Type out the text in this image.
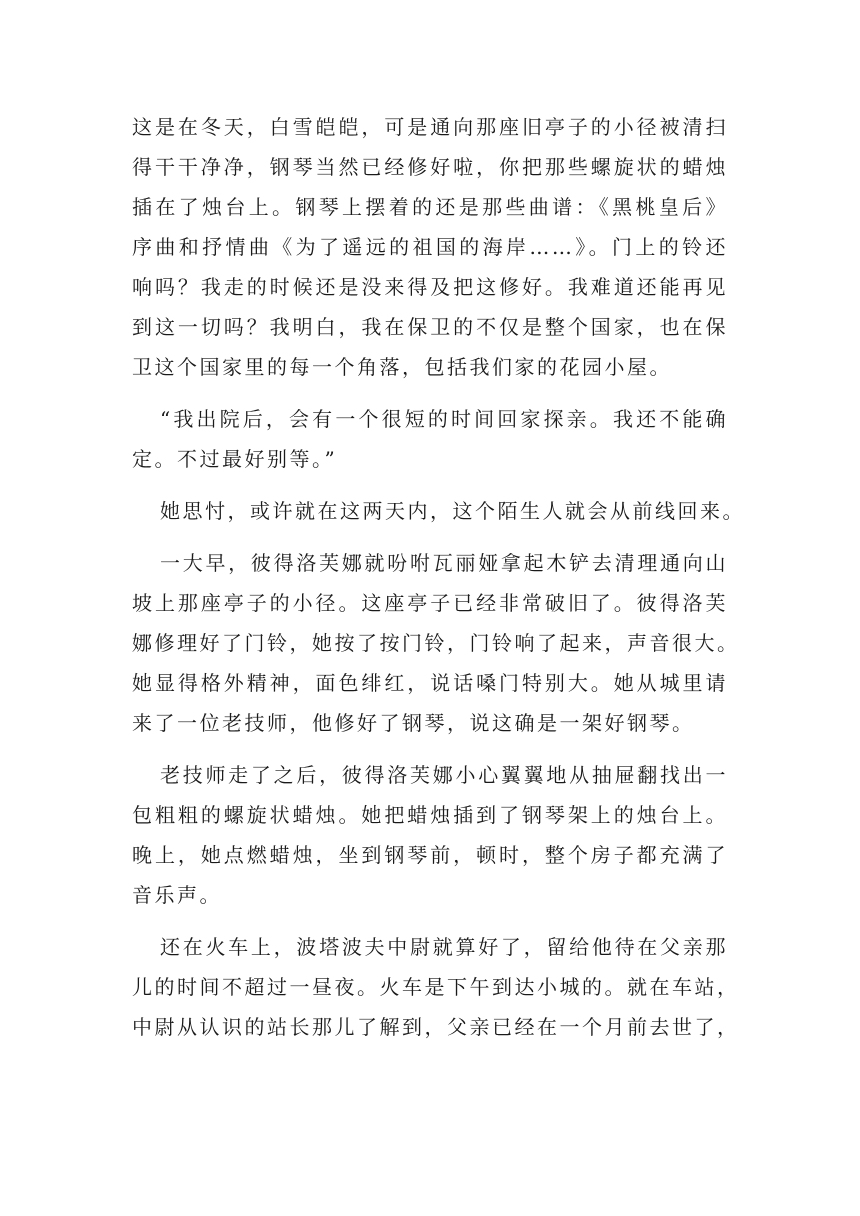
这是在冬天，白雪皑皑，可是通向那座旧亭子的小径被清扫
得干干净净，钢琴当然已经修好啦，你把那些螺旋状的蜡烛
插在了烛台上。钢琴上摆着的还是那些曲谱：《黑桃皇后》
序曲和抒情曲《为了遥远的祖国的海岸……》。门上的铃还
响吗？我走的时候还是没来得及把这修好。我难道还能再见
到这一切吗？我明白，我在保卫的不仅是整个国家，也在保
卫这个国家里的每一个角落，包括我们家的花园小屋。

“我出院后，会有一个很短的时间回家探亲。我还不能确
定。不过最好别等。”

她思忖，或许就在这两天内，这个陌生人就会从前线回来。

一大早，彼得洛芙娜就吩咐瓦丽娅拿起木铲去清理通向山
坡上那座亭子的小径。这座亭子已经非常破旧了。彼得洛芙
娜修理好了门铃，她按了按门铃，门铃响了起来，声音很大。
她显得格外精神，面色绯红，说话嗓门特别大。她从城里请
来了一位老技师，他修好了钢琴，说这确是一架好钢琴。

老技师走了之后，彼得洛芙娜小心翼翼地从抽屉翻找出一
包粗粗的螺旋状蜡烛。她把蜡烛插到了钢琴架上的烛台上。
晚上，她点燃蜡烛，坐到钢琴前，顿时，整个房子都充满了
音乐声。

还在火车上，波塔波夫中尉就算好了，留给他待在父亲那
儿的时间不超过一昼夜。火车是下午到达小城的。就在车站，
中尉从认识的站长那儿了解到，父亲已经在一个月前去世了，
